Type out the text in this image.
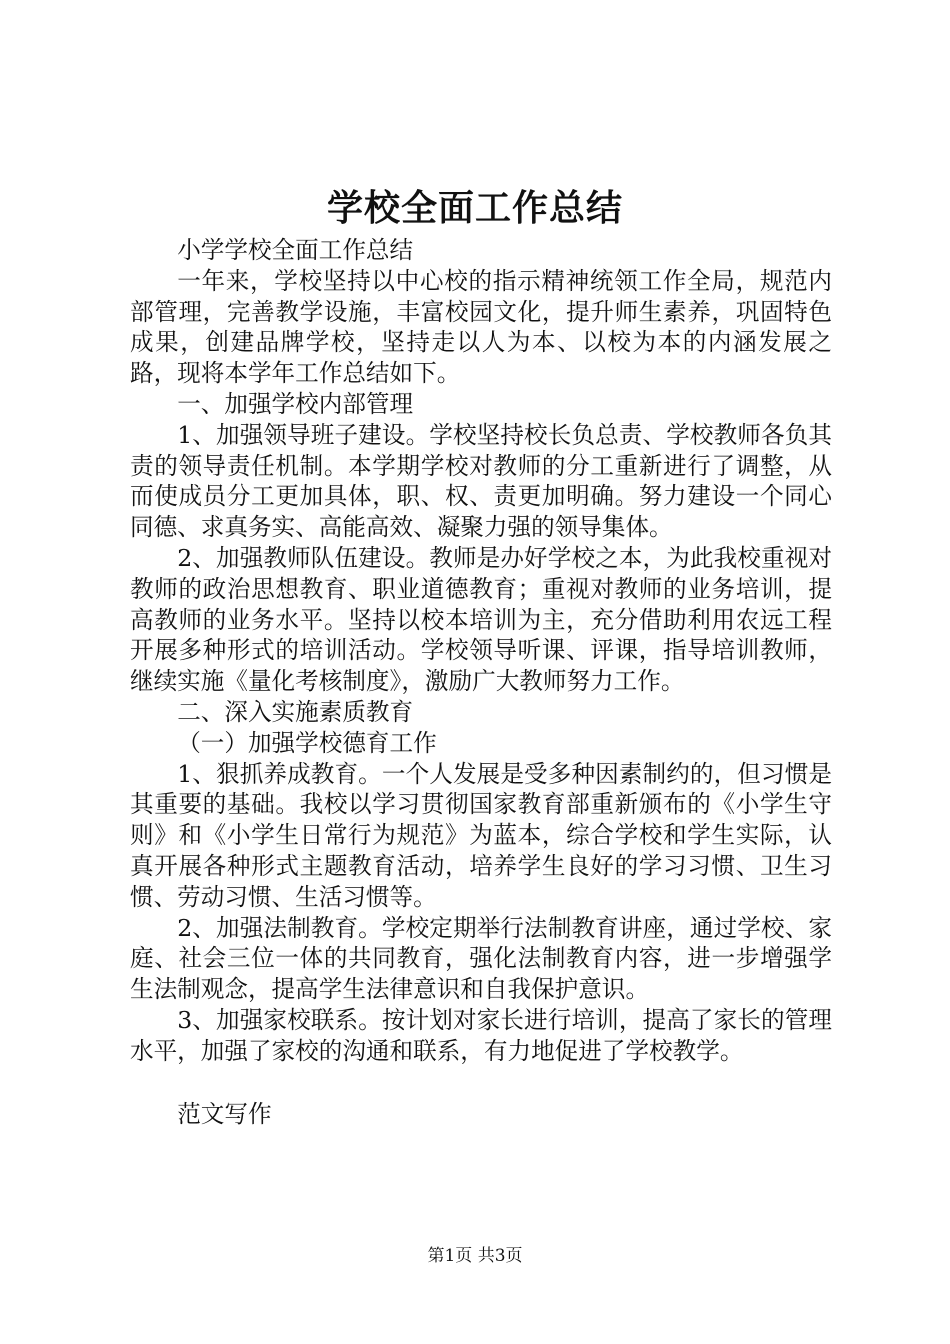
学校全面工作总结

小学学校全面工作总结

一年来，学校坚持以中心校的指示精神统领工作全局，规范内部管理，完善教学设施，丰富校园文化，提升师生素养，巩固特色成果，创建品牌学校，坚持走以人为本、以校为本的内涵发展之路，现将本学年工作总结如下。

一、加强学校内部管理

1、加强领导班子建设。学校坚持校长负总责、学校教师各负其责的领导责任机制。本学期学校对教师的分工重新进行了调整，从而使成员分工更加具体，职、权、责更加明确。努力建设一个同心同德、求真务实、高能高效、凝聚力强的领导集体。

2、加强教师队伍建设。教师是办好学校之本，为此我校重视对教师的政治思想教育、职业道德教育；重视对教师的业务培训，提高教师的业务水平。坚持以校本培训为主，充分借助利用农远工程开展多种形式的培训活动。学校领导听课、评课，指导培训教师，继续实施《量化考核制度》，激励广大教师努力工作。

二、深入实施素质教育

（一）加强学校德育工作

1、狠抓养成教育。一个人发展是受多种因素制约的，但习惯是其重要的基础。我校以学习贯彻国家教育部重新颁布的《小学生守则》和《小学生日常行为规范》为蓝本，综合学校和学生实际，认真开展各种形式主题教育活动，培养学生良好的学习习惯、卫生习惯、劳动习惯、生活习惯等。

2、加强法制教育。学校定期举行法制教育讲座，通过学校、家庭、社会三位一体的共同教育，强化法制教育内容，进一步增强学生法制观念，提高学生法律意识和自我保护意识。

3、加强家校联系。按计划对家长进行培训，提高了家长的管理水平，加强了家校的沟通和联系，有力地促进了学校教学。

范文写作

第1页 共3页
